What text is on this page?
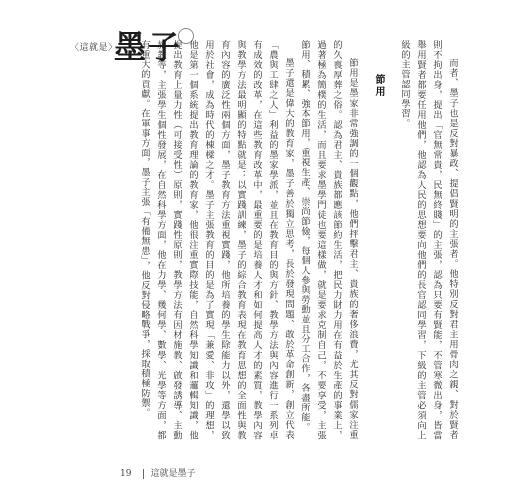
〈 這就是 〉 墨子

而者、墨子也是反對暴政、提倡賢明的主張者。他特別反對君主用骨肉之親、對於賢者則不拘出身，提出「官無常貴，民無終賤」的主張，認為只要有賢能，不管寒微出身，皆當舉用賢者都要任用他們，他認為人民的思想要向他們的長官認同學習，下級的主管必須向上級的主管認同學習。

節用

節用是墨家非常強調的一個觀點，他們抨擊君主、貴族的奢侈浪費，尤其反對儒家注重的久喪厚葬之俗。認為君主、貴族都應該節約生活，把民力財力用在有益於生產的事業上，過著極為簡樸的生活，而且要求墨學門徒也要這樣做，就是要求克制自己，不要享受，主張節用、積累、強本節用，重視生產、崇尚節儉，每個人參與勞動並且分工合作，各盡所能。

墨子還是偉大的教育家，墨子善於獨立思考，長於發現問題、敢於革命創新，創立代表「農與工肆之人」利益的墨家學派，並且在教育目的與方針、教學方法與內容進行一系列卓有成效的改革，在這些教育改革中，最重要的是培養人才和如何提高人才的素質，教學內容與教學方法最明顯的特點就是：以實踐訓練，墨子的綜合教育表現在教育思想的全面性與教育內容的廣泛性兩個方面，墨子教育方法重視實踐，他所培養的學生除能力以外，還學以致用於社會，成為時代的棟樑之才。墨子主張教育的目的是為了實現「兼愛、非攻」的理想，他是第一個系統提出教育理論的教育家，他很注重實際技能，自然科學知識和邏輯知識，他提出教育上量力性（可接受性）原則，實踐性原則，教學方法有因材施教、啟發誘導、主動施教等，主張學生個性發展，在自然科學方面，他在力學、幾何學、數學、光學等方面，都有重大的貢獻。在軍事方面，墨子主張「有備無患」，他反對侵略戰爭，採取積極防禦。

19 這就是墨子
